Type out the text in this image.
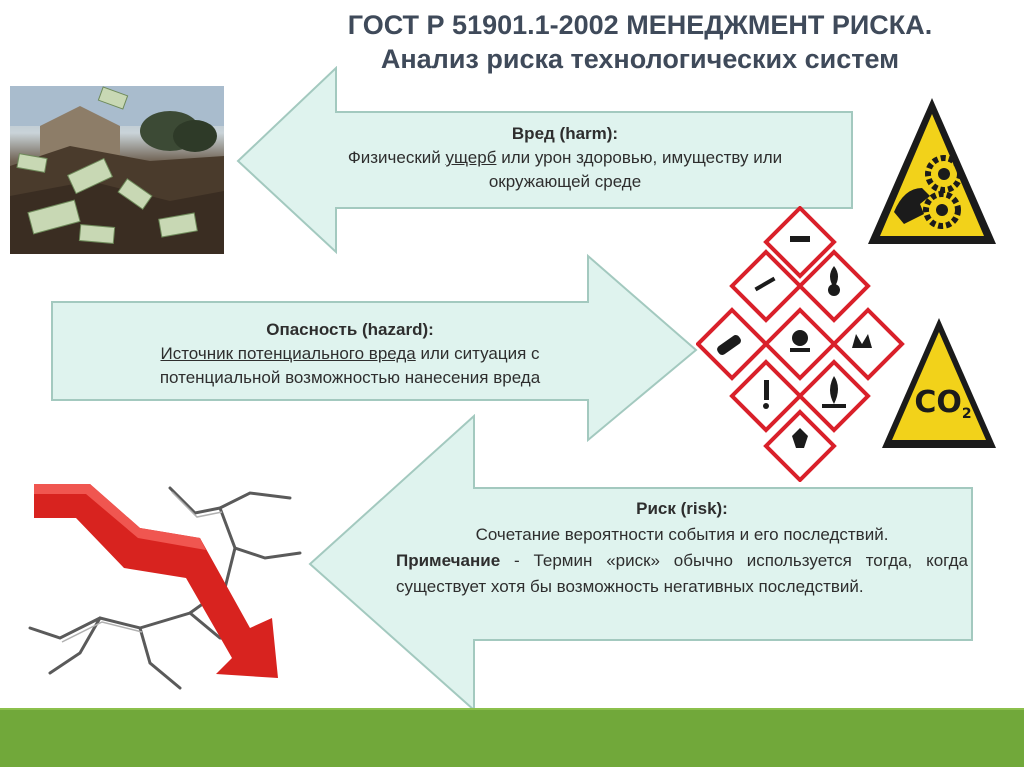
ГОСТ Р 51901.1-2002 МЕНЕДЖМЕНТ РИСКА.
Анализ риска технологических систем
Вред (harm):
Физический ущерб или урон здоровью, имуществу или
окружающей среде
Опасность (hazard):
Источник потенциального вреда или ситуация с
потенциальной возможностью нанесения вреда
Риск (risk):
Сочетание вероятности события и его последствий.
Примечание - Термин «риск» обычно используется тогда, когда существует хотя бы возможность негативных последствий.
$CO_2$
